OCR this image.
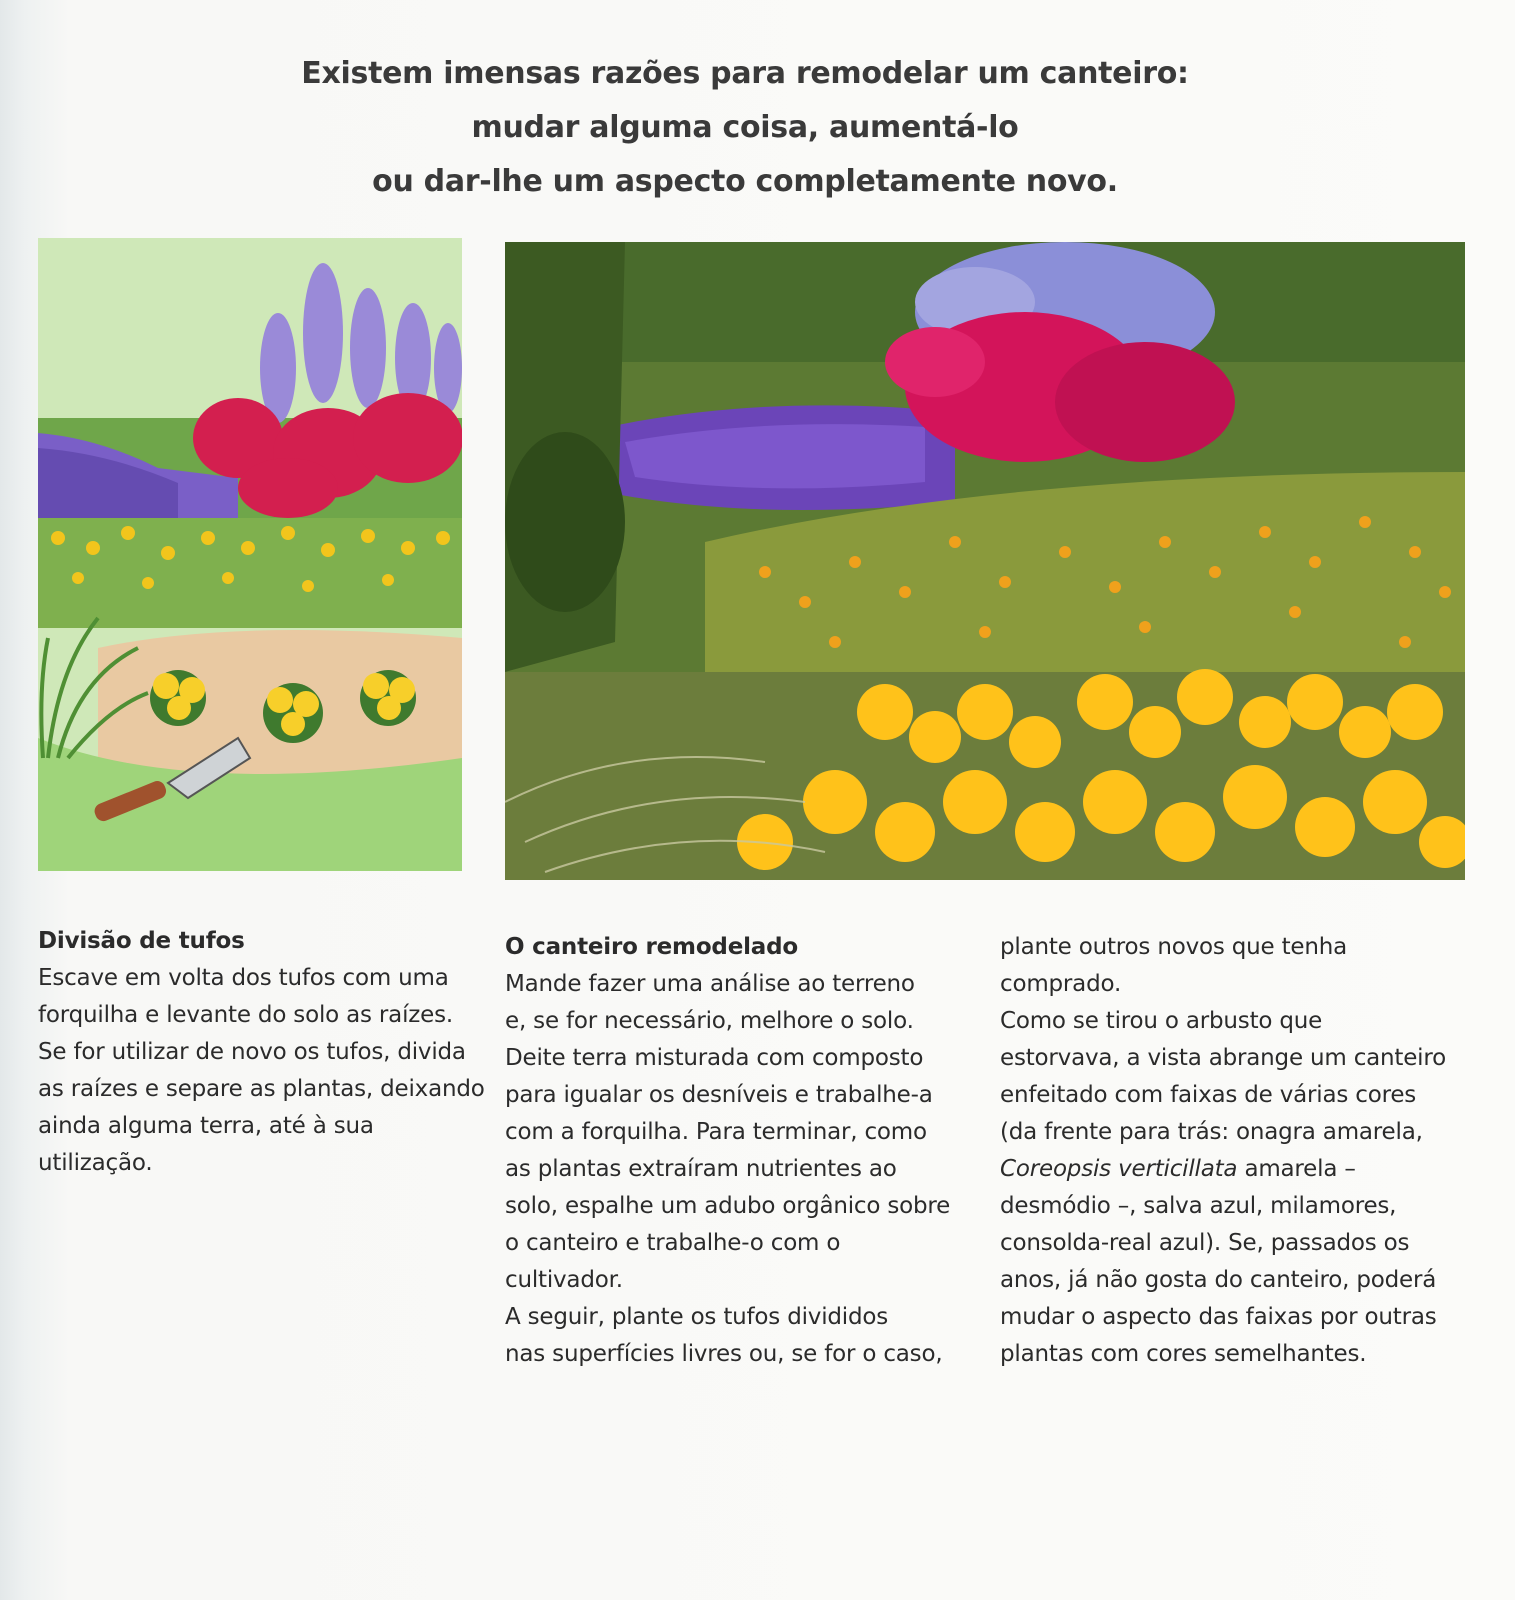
Existem imensas razões para remodelar um canteiro:
mudar alguma coisa, aumentá-lo
ou dar-lhe um aspecto completamente novo.

Divisão de tufos

Escave em volta dos tufos com uma
forquilha e levante do solo as raízes.
Se for utilizar de novo os tufos, divida
as raízes e separe as plantas, deixando
ainda alguma terra, até à sua
utilização.

O canteiro remodelado

Mande fazer uma análise ao terreno
e, se for necessário, melhore o solo.
Deite terra misturada com composto
para igualar os desníveis e trabalhe-a
com a forquilha. Para terminar, como
as plantas extraíram nutrientes ao
solo, espalhe um adubo orgânico sobre
o canteiro e trabalhe-o com o
cultivador.
A seguir, plante os tufos divididos
nas superfícies livres ou, se for o caso,
plante outros novos que tenha
comprado.
Como se tirou o arbusto que
estorvava, a vista abrange um canteiro
enfeitado com faixas de várias cores
(da frente para trás: onagra amarela,
Coreopsis verticillata amarela –
desmódio –, salva azul, milamores,
consolda-real azul). Se, passados os
anos, já não gosta do canteiro, poderá
mudar o aspecto das faixas por outras
plantas com cores semelhantes.
